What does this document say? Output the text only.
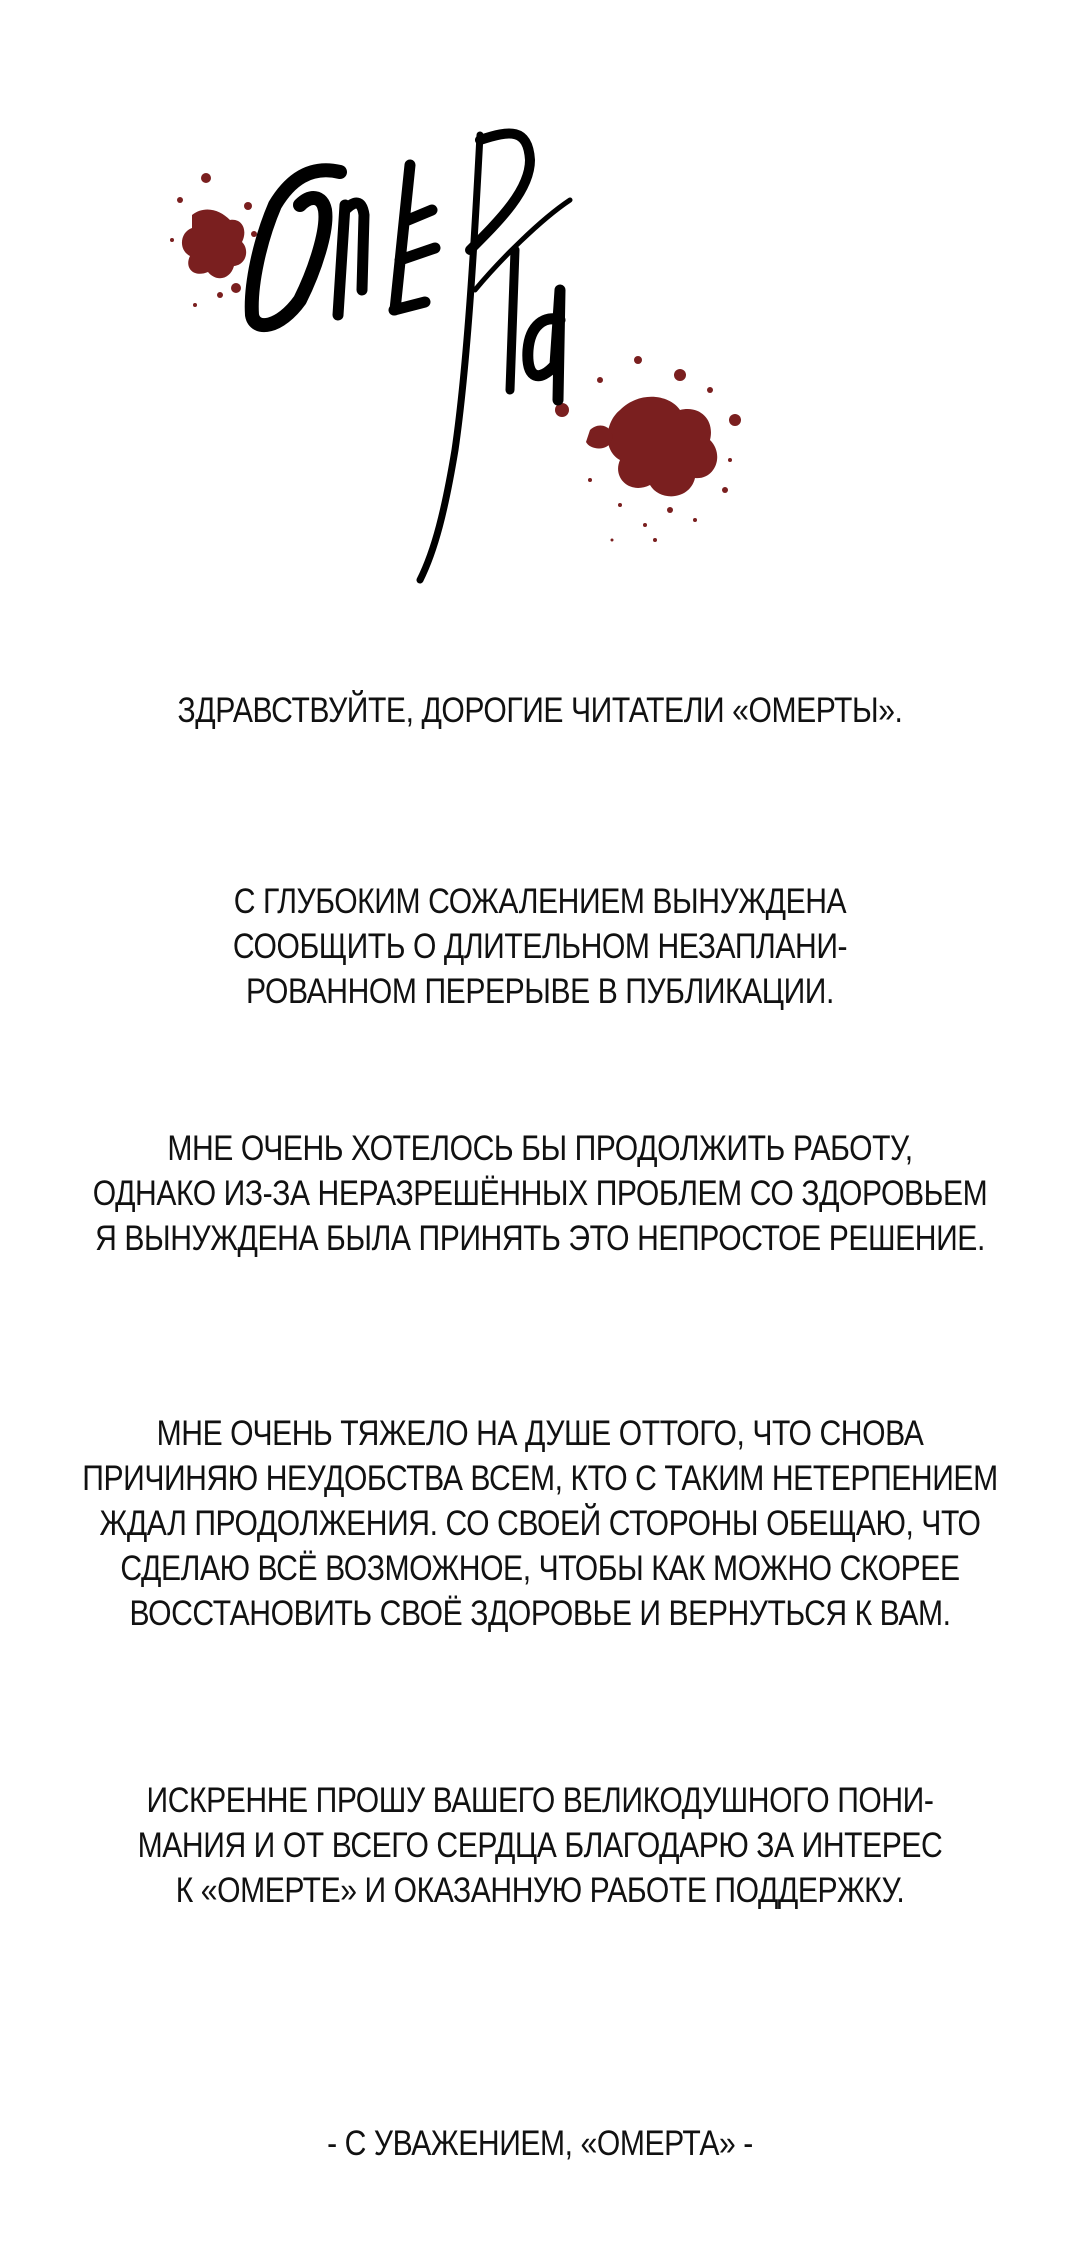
ЗДРАВСТВУЙТЕ, ДОРОГИЕ ЧИТАТЕЛИ «ОМЕРТЫ».
С ГЛУБОКИМ СОЖАЛЕНИЕМ ВЫНУЖДЕНА
СООБЩИТЬ О ДЛИТЕЛЬНОМ НЕЗАПЛАНИ-
РОВАННОМ ПЕРЕРЫВЕ В ПУБЛИКАЦИИ.
МНЕ ОЧЕНЬ ХОТЕЛОСЬ БЫ ПРОДОЛЖИТЬ РАБОТУ,
ОДНАКО ИЗ-ЗА НЕРАЗРЕШЁННЫХ ПРОБЛЕМ СО ЗДОРОВЬЕМ
Я ВЫНУЖДЕНА БЫЛА ПРИНЯТЬ ЭТО НЕПРОСТОЕ РЕШЕНИЕ.
МНЕ ОЧЕНЬ ТЯЖЕЛО НА ДУШЕ ОТТОГО, ЧТО СНОВА
ПРИЧИНЯЮ НЕУДОБСТВА ВСЕМ, КТО С ТАКИМ НЕТЕРПЕНИЕМ
ЖДАЛ ПРОДОЛЖЕНИЯ. СО СВОЕЙ СТОРОНЫ ОБЕЩАЮ, ЧТО
СДЕЛАЮ ВСЁ ВОЗМОЖНОЕ, ЧТОБЫ КАК МОЖНО СКОРЕЕ
ВОССТАНОВИТЬ СВОЁ ЗДОРОВЬЕ И ВЕРНУТЬСЯ К ВАМ.
ИСКРЕННЕ ПРОШУ ВАШЕГО ВЕЛИКОДУШНОГО ПОНИ-
МАНИЯ И ОТ ВСЕГО СЕРДЦА БЛАГОДАРЮ ЗА ИНТЕРЕС
К «ОМЕРТЕ» И ОКАЗАННУЮ РАБОТЕ ПОДДЕРЖКУ.
- С УВАЖЕНИЕМ, «ОМЕРТА» -
